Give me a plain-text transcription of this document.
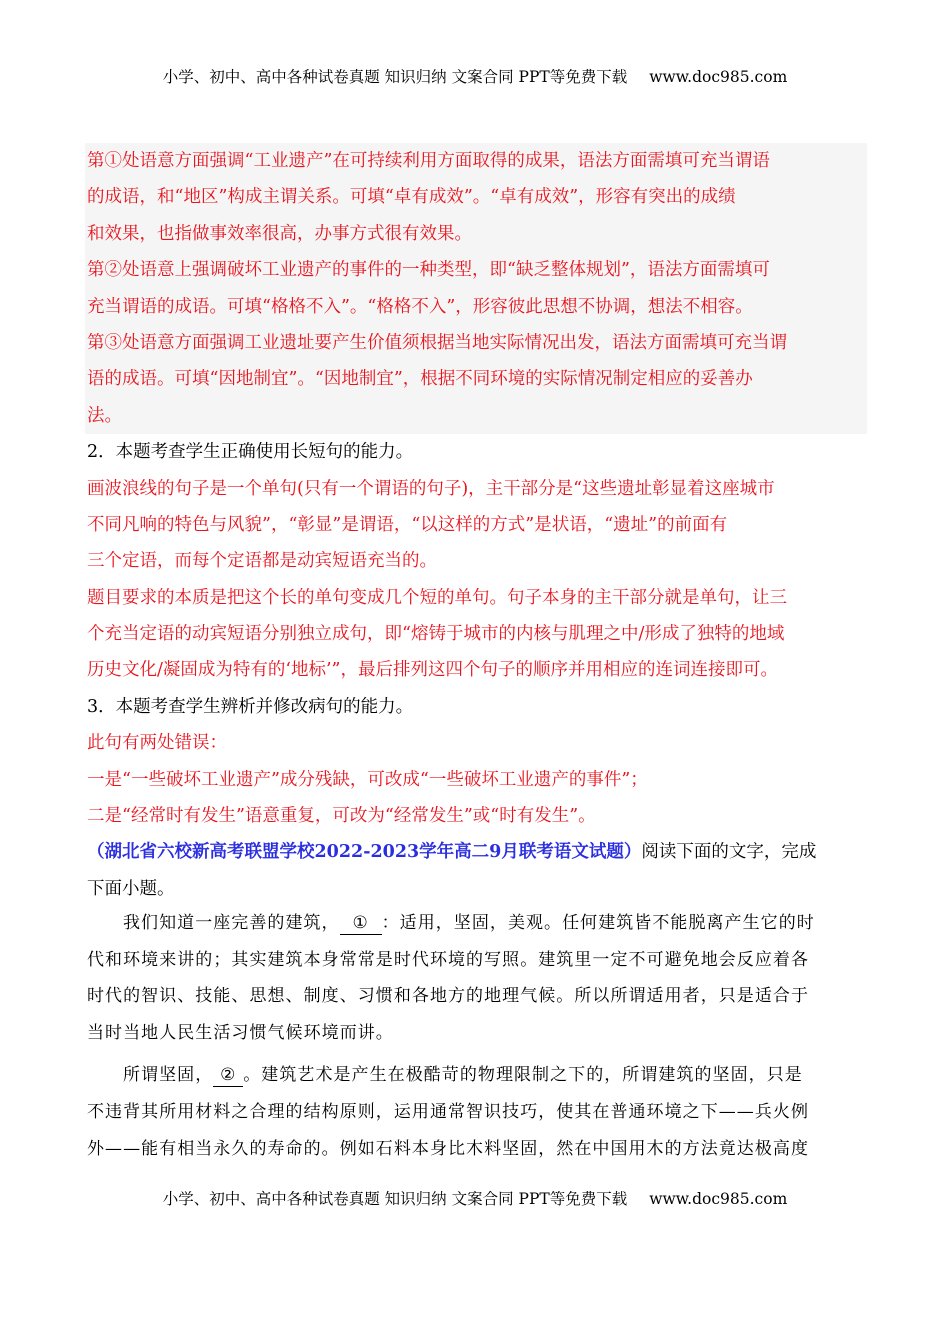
小学、初中、高中各种试卷真题 知识归纳 文案合同 PPT等免费下载 www.doc985.com
第①处语意方面强调“工业遗产”在可持续利用方面取得的成果，语法方面需填可充当谓语
的成语，和“地区”构成主谓关系。可填“卓有成效”。“卓有成效”，形容有突出的成绩
和效果，也指做事效率很高，办事方式很有效果。
第②处语意上强调破坏工业遗产的事件的一种类型，即“缺乏整体规划”，语法方面需填可
充当谓语的成语。可填“格格不入”。“格格不入”，形容彼此思想不协调，想法不相容。
第③处语意方面强调工业遗址要产生价值须根据当地实际情况出发，语法方面需填可充当谓
语的成语。可填“因地制宜”。“因地制宜”，根据不同环境的实际情况制定相应的妥善办
法。
2．本题考查学生正确使用长短句的能力。
画波浪线的句子是一个单句(只有一个谓语的句子)，主干部分是“这些遗址彰显着这座城市
不同凡响的特色与风貌”，“彰显”是谓语，“以这样的方式”是状语，“遗址”的前面有
三个定语，而每个定语都是动宾短语充当的。
题目要求的本质是把这个长的单句变成几个短的单句。句子本身的主干部分就是单句，让三
个充当定语的动宾短语分别独立成句，即“熔铸于城市的内核与肌理之中/形成了独特的地域
历史文化/凝固成为特有的‘地标’”，最后排列这四个句子的顺序并用相应的连词连接即可。
3．本题考查学生辨析并修改病句的能力。
此句有两处错误：
一是“一些破坏工业遗产”成分残缺，可改成“一些破坏工业遗产的事件”；
二是“经常时有发生”语意重复，可改为“经常发生”或“时有发生”。
（湖北省六校新高考联盟学校2022-2023学年高二9月联考语文试题）阅读下面的文字，完成
下面小题。
我们知道一座完善的建筑， ① ：适用，坚固，美观。任何建筑皆不能脱离产生它的时
代和环境来讲的；其实建筑本身常常是时代环境的写照。建筑里一定不可避免地会反应着各
时代的智识、技能、思想、制度、习惯和各地方的地理气候。所以所谓适用者，只是适合于
当时当地人民生活习惯气候环境而讲。
所谓坚固， ② 。建筑艺术是产生在极酷苛的物理限制之下的，所谓建筑的坚固，只是
不违背其所用材料之合理的结构原则，运用通常智识技巧，使其在普通环境之下——兵火例
外——能有相当永久的寿命的。例如石料本身比木料坚固，然在中国用木的方法竟达极高度
小学、初中、高中各种试卷真题 知识归纳 文案合同 PPT等免费下载 www.doc985.com
